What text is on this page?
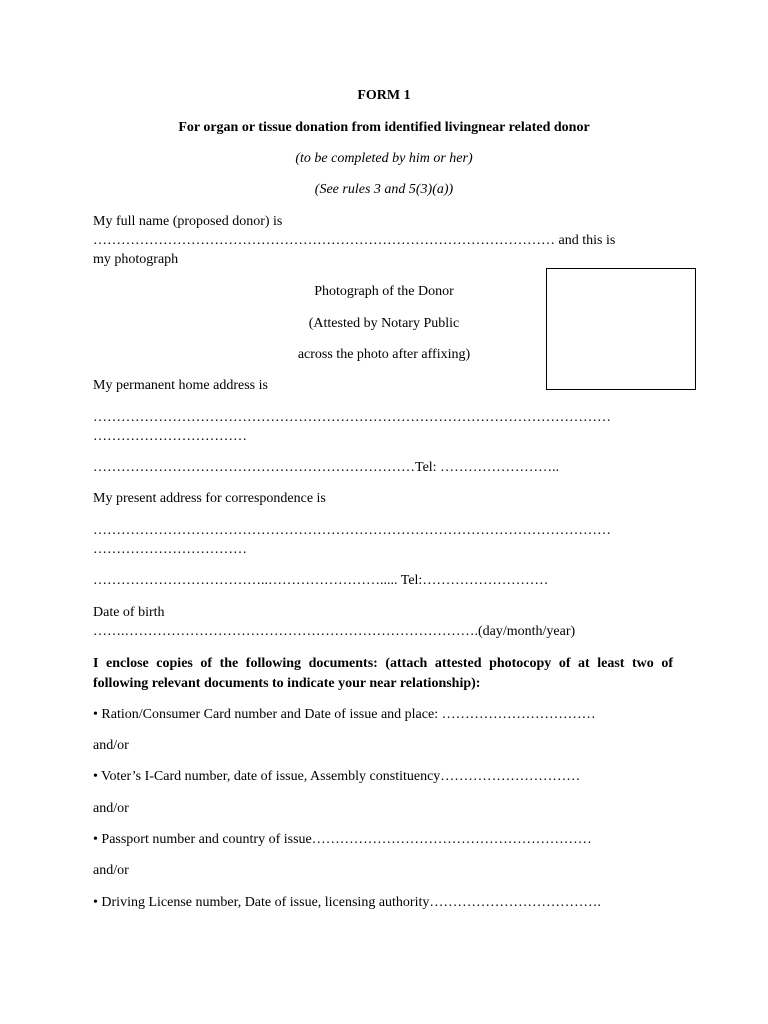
FORM 1
For organ or tissue donation from identified livingnear related donor
(to be completed by him or her)
(See rules 3 and 5(3)(a))
My full name (proposed donor) is
……………………………………………………………………………………… and this is
my photograph
Photograph of the Donor
(Attested by Notary Public
across the photo after affixing)
My permanent home address is
…………………………………………………………………………………………………
……………………………
……………………………………………………………Tel: ……………………..
My present address for correspondence is
…………………………………………………………………………………………………
……………………………
………………………………..……………………..... Tel:………………………
Date of birth
…….………………………………………………………………….(day/month/year)
I enclose copies of the following documents: (attach attested photocopy of at least two of following relevant documents to indicate your near relationship):
• Ration/Consumer Card number and Date of issue and place: ……………………………
and/or
• Voter’s I-Card number, date of issue, Assembly constituency…………………………
and/or
• Passport number and country of issue……………………………………………………
and/or
• Driving License number, Date of issue, licensing authority……………………………….
